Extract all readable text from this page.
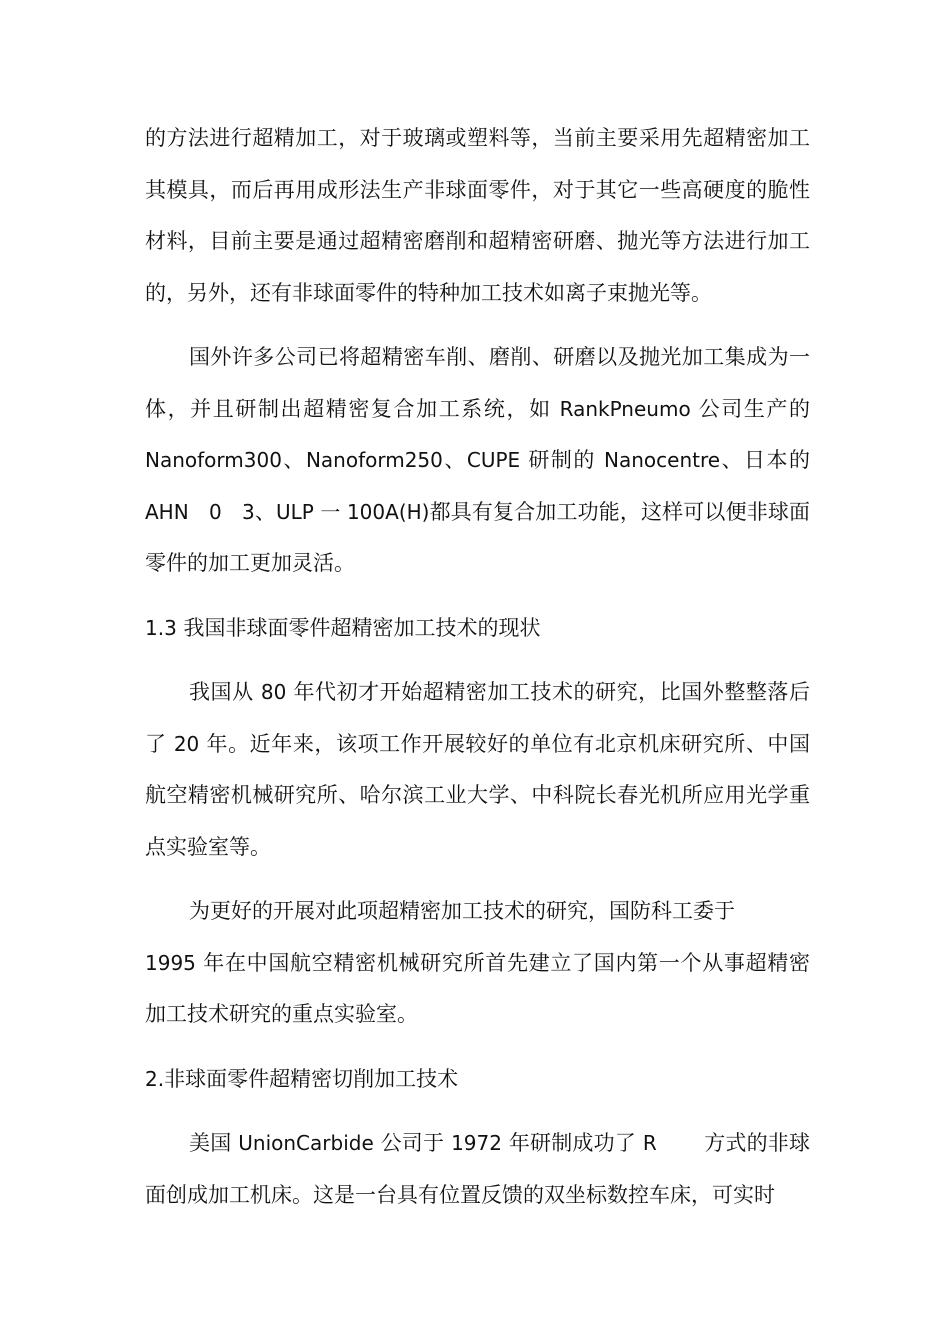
的方法进行超精加工，对于玻璃或塑料等，当前主要采用先超精密加工其模具，而后再用成形法生产非球面零件，对于其它一些高硬度的脆性材料，目前主要是通过超精密磨削和超精密研磨、抛光等方法进行加工的，另外，还有非球面零件的特种加工技术如离子束抛光等。

国外许多公司已将超精密车削、磨削、研磨以及抛光加工集成为一体，并且研制出超精密复合加工系统，如 RankPneumo 公司生产的 Nanoform300、Nanoform250、CUPE 研制的 Nanocentre、日本的AHN　0　3、ULP 一 100A(H)都具有复合加工功能，这样可以便非球面零件的加工更加灵活。

1.3 我国非球面零件超精密加工技术的现状

我国从 80 年代初才开始超精密加工技术的研究，比国外整整落后了 20 年。近年来，该项工作开展较好的单位有北京机床研究所、中国航空精密机械研究所、哈尔滨工业大学、中科院长春光机所应用光学重点实验室等。

为更好的开展对此项超精密加工技术的研究，国防科工委于
1995 年在中国航空精密机械研究所首先建立了国内第一个从事超精密加工技术研究的重点实验室。

2.非球面零件超精密切削加工技术

美国 UnionCarbide 公司于 1972 年研制成功了 R　　 方式的非球面创成加工机床。这是一台具有位置反馈的双坐标数控车床，可实时
